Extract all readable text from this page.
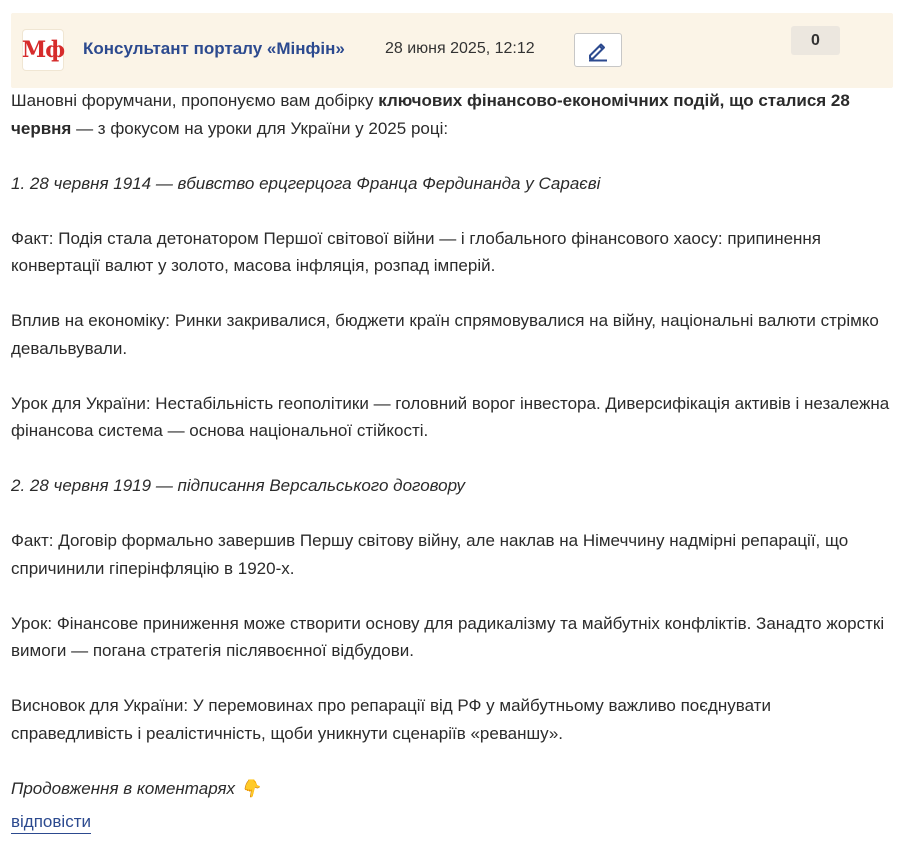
Мф Консультант порталу «Мінфін»	28 июня 2025, 12:12	0

Шановні форумчани, пропонуємо вам добірку ключових фінансово-економічних подій, що сталися 28 червня — з фокусом на уроки для України у 2025 році:

1. 28 червня 1914 — вбивство ерцгерцога Франца Фердинанда у Сараєві

Факт: Подія стала детонатором Першої світової війни — і глобального фінансового хаосу: припинення конвертації валют у золото, масова інфляція, розпад імперій.

Вплив на економіку: Ринки закривалися, бюджети країн спрямовувалися на війну, національні валюти стрімко девальвували.

Урок для України: Нестабільність геополітики — головний ворог інвестора. Диверсифікація активів і незалежна фінансова система — основа національної стійкості.

2. 28 червня 1919 — підписання Версальського договору

Факт: Договір формально завершив Першу світову війну, але наклав на Німеччину надмірні репарації, що спричинили гіперінфляцію в 1920-х.

Урок: Фінансове приниження може створити основу для радикалізму та майбутніх конфліктів. Занадто жорсткі вимоги — погана стратегія післявоєнної відбудови.

Висновок для України: У перемовинах про репарації від РФ у майбутньому важливо поєднувати справедливість і реалістичність, щоби уникнути сценаріїв «реваншу».

Продовження в коментарях 👇

відповісти
